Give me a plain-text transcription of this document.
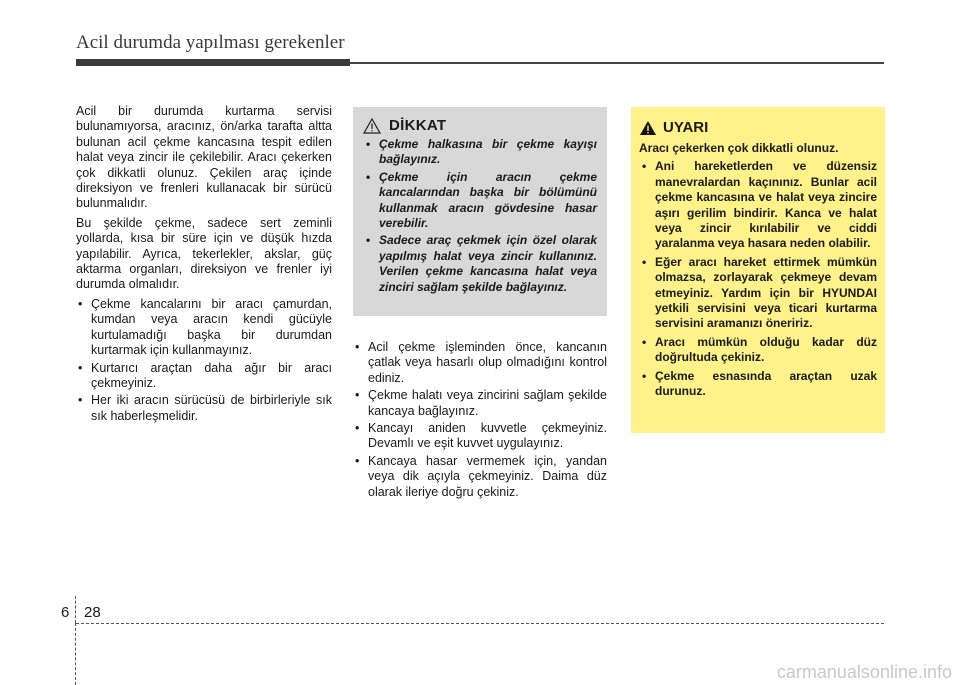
Acil durumda yapılması gerekenler

Acil bir durumda kurtarma servisi bulunamıyorsa, aracınız, ön/arka tarafta altta bulunan acil çekme kancasına tespit edilen halat veya zincir ile çekilebilir. Aracı çekerken çok dikkatli olunuz. Çekilen araç içinde direksiyon ve frenleri kullanacak bir sürücü bulunmalıdır.

Bu şekilde çekme, sadece sert zeminli yollarda, kısa bir süre için ve düşük hızda yapılabilir. Ayrıca, tekerlekler, akslar, güç aktarma organları, direksiyon ve frenler iyi durumda olmalıdır.

• Çekme kancalarını bir aracı çamurdan, kumdan veya aracın kendi gücüyle kurtulamadığı başka bir durumdan kurtarmak için kullanmayınız.
• Kurtarıcı araçtan daha ağır bir aracı çekmeyiniz.
• Her iki aracın sürücüsü de birbirleriyle sık sık haberleşmelidir.
DİKKAT
• Çekme halkasına bir çekme kayışı bağlayınız.
• Çekme için aracın çekme kancalarından başka bir bölümünü kullanmak aracın gövdesine hasar verebilir.
• Sadece araç çekmek için özel olarak yapılmış halat veya zincir kullanınız. Verilen çekme kancasına halat veya zinciri sağlam şekilde bağlayınız.
• Acil çekme işleminden önce, kancanın çatlak veya hasarlı olup olmadığını kontrol ediniz.
• Çekme halatı veya zincirini sağlam şekilde kancaya bağlayınız.
• Kancayı aniden kuvvetle çekmeyiniz. Devamlı ve eşit kuvvet uygulayınız.
• Kancaya hasar vermemek için, yandan veya dik açıyla çekmeyiniz. Daima düz olarak ileriye doğru çekiniz.
UYARI

Aracı çekerken çok dikkatli olunuz.

• Ani hareketlerden ve düzensiz manevralardan kaçınınız. Bunlar acil çekme kancasına ve halat veya zincire aşırı gerilim bindirir. Kanca ve halat veya zincir kırılabilir ve ciddi yaralanma veya hasara neden olabilir.
• Eğer aracı hareket ettirmek mümkün olmazsa, zorlayarak çekmeye devam etmeyiniz. Yardım için bir HYUNDAI yetkili servisini veya ticari kurtarma servisini aramanızı öneririz.
• Aracı mümkün olduğu kadar düz doğrultuda çekiniz.
• Çekme esnasında araçtan uzak durunuz.
6 28
carmanualsonline.info
